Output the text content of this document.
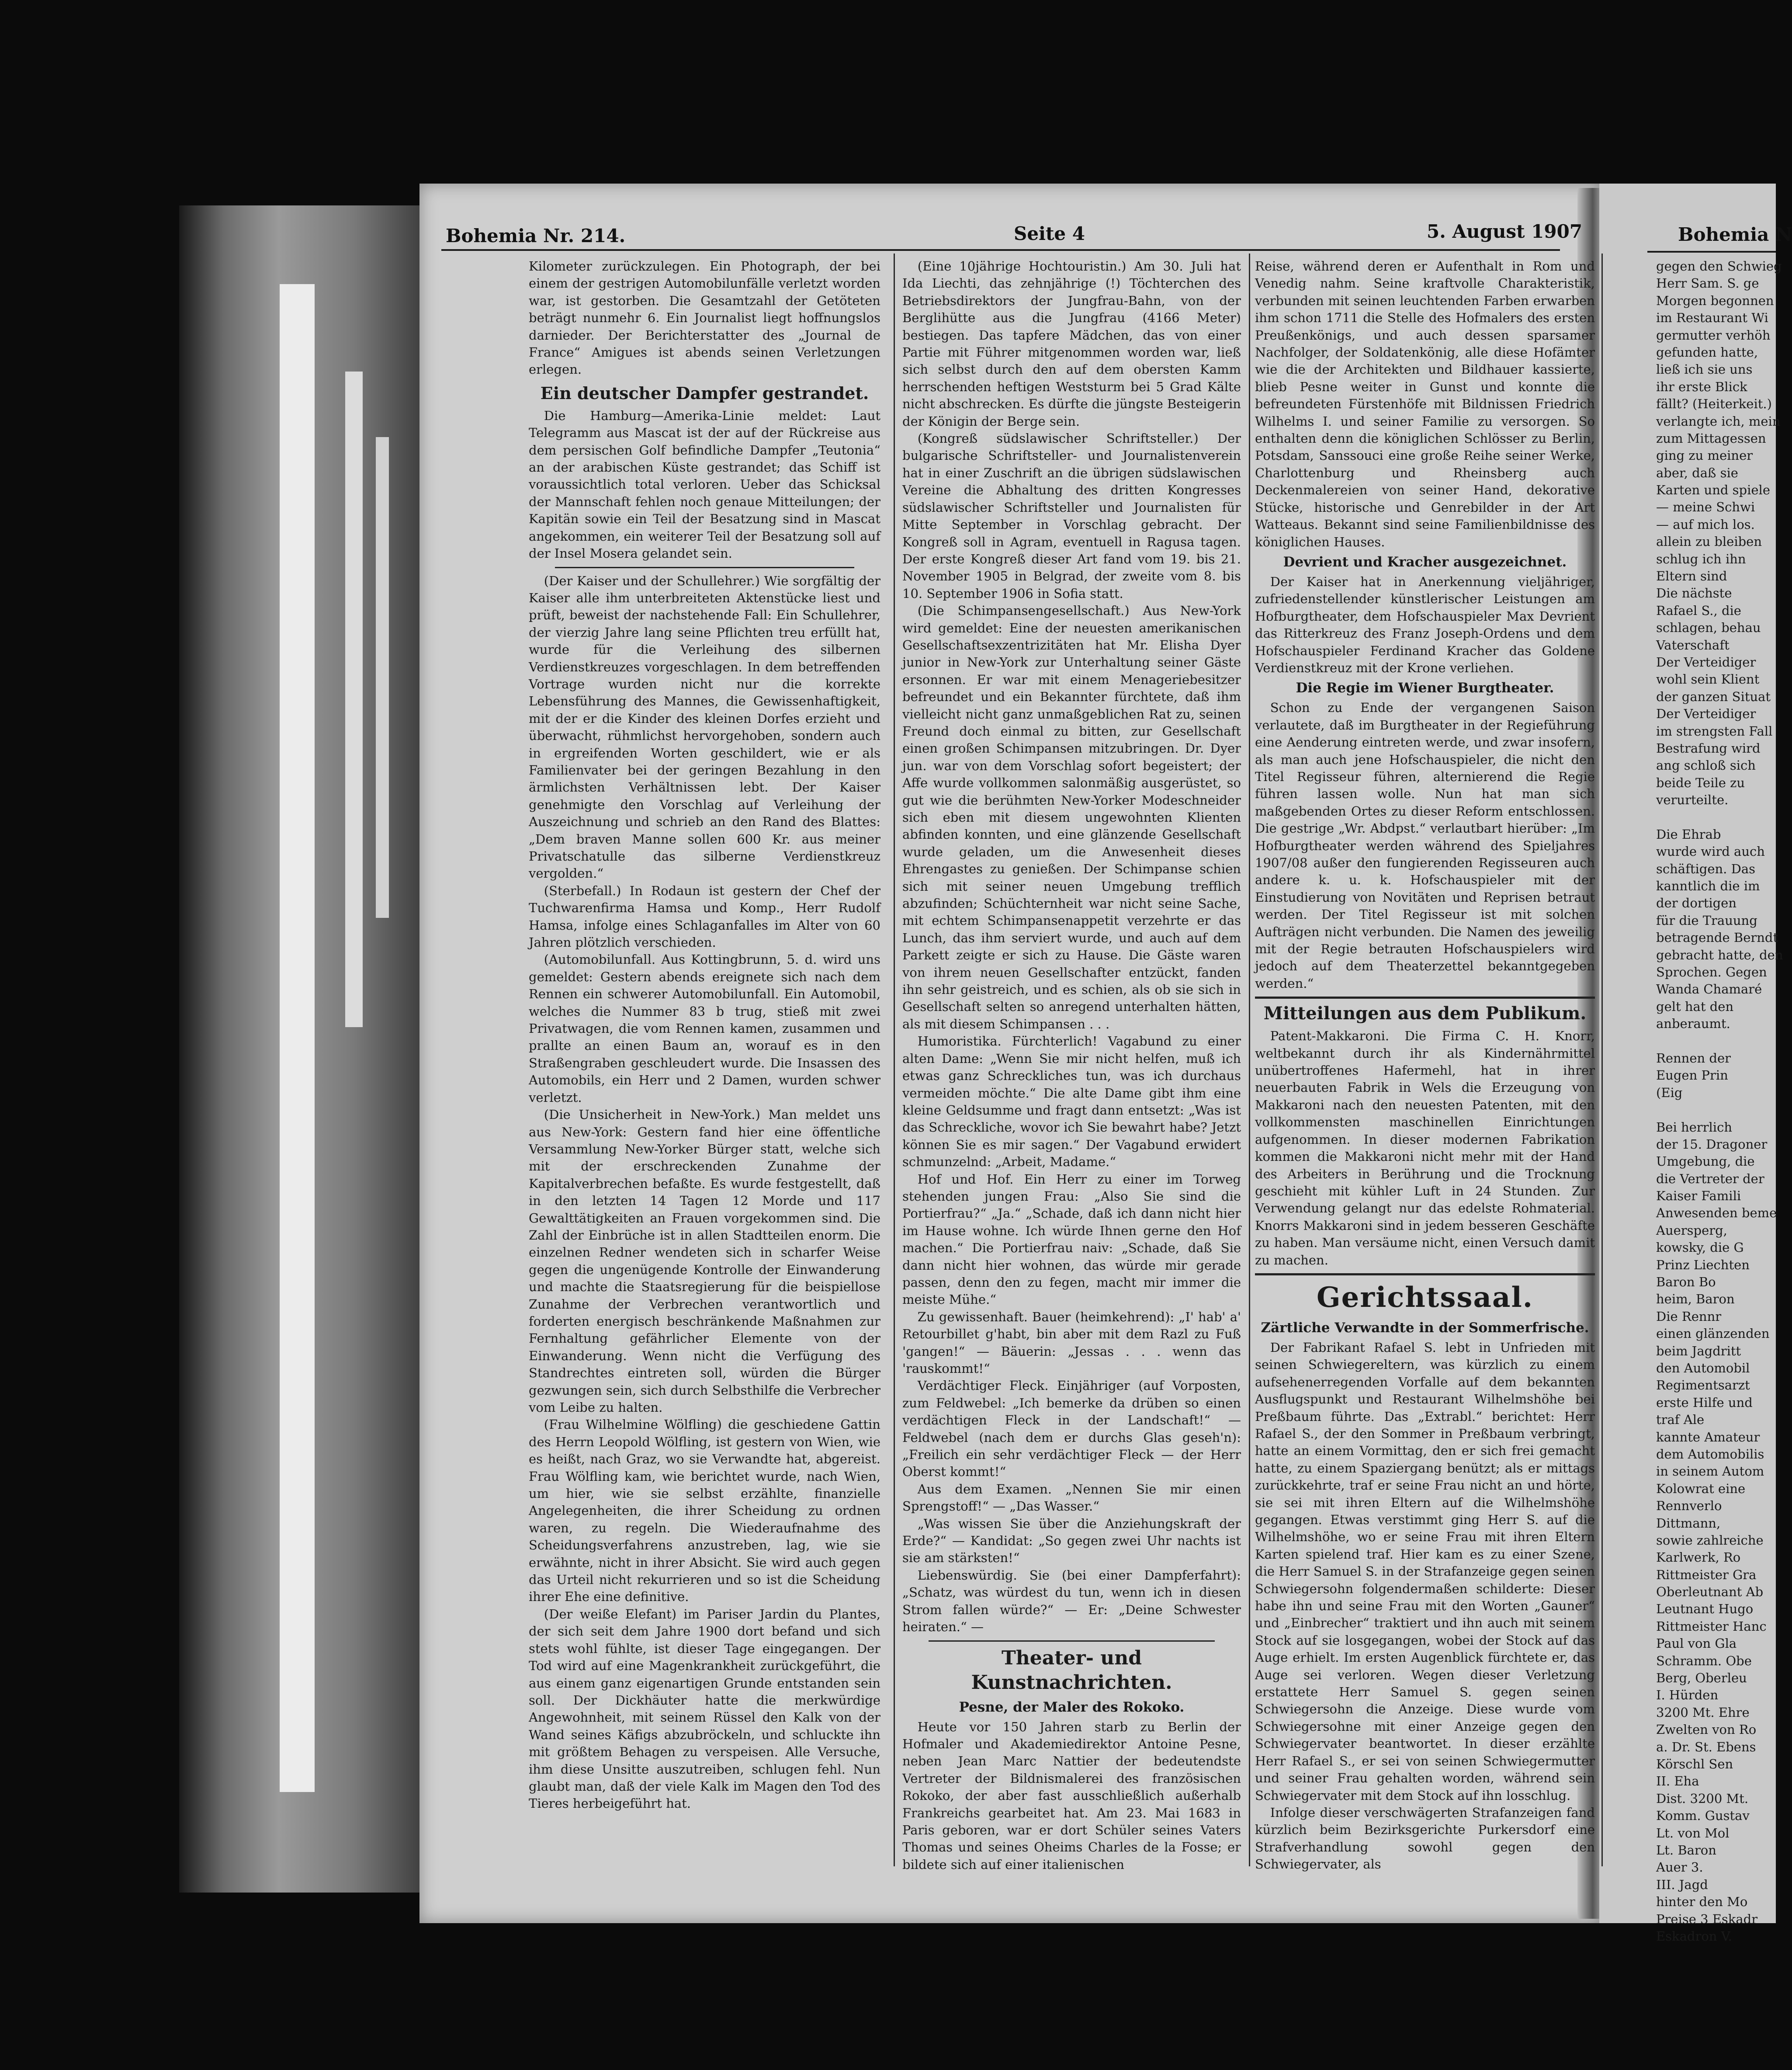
Bohemia Nr. 214.	Seite 4	5. August 1907	Bohemia N

Kilometer zurückzulegen. Ein Photograph, der bei einem der gestrigen Automobilunfälle verletzt worden war, ist gestorben. Die Gesamtzahl der Getöteten beträgt nunmehr 6. Ein Journalist liegt hoffnungslos darnieder. Der Berichterstatter des „Journal de France“ Amigues ist abends seinen Verletzungen erlegen.

Ein deutscher Dampfer gestrandet.

Die Hamburg—Amerika-Linie meldet: Laut Telegramm aus Mascat ist der auf der Rückreise aus dem persischen Golf befindliche Dampfer „Teutonia“ an der arabischen Küste gestrandet; das Schiff ist voraussichtlich total verloren. Ueber das Schicksal der Mannschaft fehlen noch genaue Mitteilungen; der Kapitän sowie ein Teil der Besatzung sind in Mascat angekommen, ein weiterer Teil der Besatzung soll auf der Insel Mosera gelandet sein.

(Der Kaiser und der Schullehrer.) Wie sorgfältig der Kaiser alle ihm unterbreiteten Aktenstücke liest und prüft, beweist der nachstehende Fall: Ein Schullehrer, der vierzig Jahre lang seine Pflichten treu erfüllt hat, wurde für die Verleihung des silbernen Verdienstkreuzes vorgeschlagen. In dem betreffenden Vortrage wurden nicht nur die korrekte Lebensführung des Mannes, die Gewissenhaftigkeit, mit der er die Kinder des kleinen Dorfes erzieht und überwacht, rühmlichst hervorgehoben, sondern auch in ergreifenden Worten geschildert, wie er als Familienvater bei der geringen Bezahlung in den ärmlichsten Verhältnissen lebt. Der Kaiser genehmigte den Vorschlag auf Verleihung der Auszeichnung und schrieb an den Rand des Blattes: „Dem braven Manne sollen 600 Kr. aus meiner Privatschatulle das silberne Verdienstkreuz vergolden.“

(Sterbefall.) In Rodaun ist gestern der Chef der Tuchwarenfirma Hamsa und Komp., Herr Rudolf Hamsa, infolge eines Schlaganfalles im Alter von 60 Jahren plötzlich verschieden.

(Automobilunfall. Aus Kottingbrunn, 5. d. wird uns gemeldet: Gestern abends ereignete sich nach dem Rennen ein schwerer Automobilunfall. Ein Automobil, welches die Nummer 83 b trug, stieß mit zwei Privatwagen, die vom Rennen kamen, zusammen und prallte an einen Baum an, worauf es in den Straßengraben geschleudert wurde. Die Insassen des Automobils, ein Herr und 2 Damen, wurden schwer verletzt.

(Die Unsicherheit in New-York.) Man meldet uns aus New-York: Gestern fand hier eine öffentliche Versammlung New-Yorker Bürger statt, welche sich mit der erschreckenden Zunahme der Kapitalverbrechen befaßte. Es wurde festgestellt, daß in den letzten 14 Tagen 12 Morde und 117 Gewalttätigkeiten an Frauen vorgekommen sind. Die Zahl der Einbrüche ist in allen Stadtteilen enorm. Die einzelnen Redner wendeten sich in scharfer Weise gegen die ungenügende Kontrolle der Einwanderung und machte die Staatsregierung für die beispiellose Zunahme der Verbrechen verantwortlich und forderten energisch beschränkende Maßnahmen zur Fernhaltung gefährlicher Elemente von der Einwanderung. Wenn nicht die Verfügung des Standrechtes eintreten soll, würden die Bürger gezwungen sein, sich durch Selbsthilfe die Verbrecher vom Leibe zu halten.

(Frau Wilhelmine Wölfling) die geschiedene Gattin des Herrn Leopold Wölfling, ist gestern von Wien, wie es heißt, nach Graz, wo sie Verwandte hat, abgereist. Frau Wölfling kam, wie berichtet wurde, nach Wien, um hier, wie sie selbst erzählte, finanzielle Angelegenheiten, die ihrer Scheidung zu ordnen waren, zu regeln. Die Wiederaufnahme des Scheidungsverfahrens anzustreben, lag, wie sie erwähnte, nicht in ihrer Absicht. Sie wird auch gegen das Urteil nicht rekurrieren und so ist die Scheidung ihrer Ehe eine definitive.

(Der weiße Elefant) im Pariser Jardin du Plantes, der sich seit dem Jahre 1900 dort befand und sich stets wohl fühlte, ist dieser Tage eingegangen. Der Tod wird auf eine Magenkrankheit zurückgeführt, die aus einem ganz eigenartigen Grunde entstanden sein soll. Der Dickhäuter hatte die merkwürdige Angewohnheit, mit seinem Rüssel den Kalk von der Wand seines Käfigs abzubröckeln, und schluckte ihn mit größtem Behagen zu verspeisen. Alle Versuche, ihm diese Unsitte auszutreiben, schlugen fehl. Nun glaubt man, daß der viele Kalk im Magen den Tod des Tieres herbeigeführt hat.

(Eine 10jährige Hochtouristin.) Am 30. Juli hat Ida Liechti, das zehnjährige (!) Töchterchen des Betriebsdirektors der Jungfrau-Bahn, von der Berglihütte aus die Jungfrau (4166 Meter) bestiegen. Das tapfere Mädchen, das von einer Partie mit Führer mitgenommen worden war, ließ sich selbst durch den auf dem obersten Kamm herrschenden heftigen Weststurm bei 5 Grad Kälte nicht abschrecken. Es dürfte die jüngste Besteigerin der Königin der Berge sein.

(Kongreß südslawischer Schriftsteller.) Der bulgarische Schriftsteller- und Journalistenverein hat in einer Zuschrift an die übrigen südslawischen Vereine die Abhaltung des dritten Kongresses südslawischer Schriftsteller und Journalisten für Mitte September in Vorschlag gebracht. Der Kongreß soll in Agram, eventuell in Ragusa tagen. Der erste Kongreß dieser Art fand vom 19. bis 21. November 1905 in Belgrad, der zweite vom 8. bis 10. September 1906 in Sofia statt.

(Die Schimpansengesellschaft.) Aus New-York wird gemeldet: Eine der neuesten amerikanischen Gesellschaftsexzentrizitäten hat Mr. Elisha Dyer junior in New-York zur Unterhaltung seiner Gäste ersonnen. Er war mit einem Menageriebesitzer befreundet und ein Bekannter fürchtete, daß ihm vielleicht nicht ganz unmaßgeblichen Rat zu, seinen Freund doch einmal zu bitten, zur Gesellschaft einen großen Schimpansen mitzubringen. Dr. Dyer jun. war von dem Vorschlag sofort begeistert; der Affe wurde vollkommen salonmäßig ausgerüstet, so gut wie die berühmten New-Yorker Modeschneider sich eben mit diesem ungewohnten Klienten abfinden konnten, und eine glänzende Gesellschaft wurde geladen, um die Anwesenheit dieses Ehrengastes zu genießen. Der Schimpanse schien sich mit seiner neuen Umgebung trefflich abzufinden; Schüchternheit war nicht seine Sache, mit echtem Schimpansenappetit verzehrte er das Lunch, das ihm serviert wurde, und auch auf dem Parkett zeigte er sich zu Hause. Die Gäste waren von ihrem neuen Gesellschafter entzückt, fanden ihn sehr geistreich, und es schien, als ob sie sich in Gesellschaft selten so anregend unterhalten hätten, als mit diesem Schimpansen . . .

Humoristika. Fürchterlich! Vagabund zu einer alten Dame: „Wenn Sie mir nicht helfen, muß ich etwas ganz Schreckliches tun, was ich durchaus vermeiden möchte.“ Die alte Dame gibt ihm eine kleine Geldsumme und fragt dann entsetzt: „Was ist das Schreckliche, wovor ich Sie bewahrt habe? Jetzt können Sie es mir sagen.“ Der Vagabund erwidert schmunzelnd: „Arbeit, Madame.“

Hof und Hof. Ein Herr zu einer im Torweg stehenden jungen Frau: „Also Sie sind die Portierfrau?“ „Ja.“ „Schade, daß ich dann nicht hier im Hause wohne. Ich würde Ihnen gerne den Hof machen.“ Die Portierfrau naiv: „Schade, daß Sie dann nicht hier wohnen, das würde mir gerade passen, denn den zu fegen, macht mir immer die meiste Mühe.“

Zu gewissenhaft. Bauer (heimkehrend): „I' hab' a' Retourbillet g'habt, bin aber mit dem Razl zu Fuß 'gangen!“ — Bäuerin: „Jessas . . . wenn das 'rauskommt!“

Verdächtiger Fleck. Einjähriger (auf Vorposten, zum Feldwebel: „Ich bemerke da drüben so einen verdächtigen Fleck in der Landschaft!“ — Feldwebel (nach dem er durchs Glas geseh'n): „Freilich ein sehr verdächtiger Fleck — der Herr Oberst kommt!“

Aus dem Examen. „Nennen Sie mir einen Sprengstoff!“ — „Das Wasser.“

„Was wissen Sie über die Anziehungskraft der Erde?“ — Kandidat: „So gegen zwei Uhr nachts ist sie am stärksten!“

Liebenswürdig. Sie (bei einer Dampferfahrt): „Schatz, was würdest du tun, wenn ich in diesen Strom fallen würde?“ — Er: „Deine Schwester heiraten.“ —

Theater- und Kunstnachrichten.
Pesne, der Maler des Rokoko.

Heute vor 150 Jahren starb zu Berlin der Hofmaler und Akademiedirektor Antoine Pesne, neben Jean Marc Nattier der bedeutendste Vertreter der Bildnismalerei des französischen Rokoko, der aber fast ausschließlich außerhalb Frankreichs gearbeitet hat. Am 23. Mai 1683 in Paris geboren, war er dort Schüler seines Vaters Thomas und seines Oheims Charles de la Fosse; er bildete sich auf einer italienischen

Reise, während deren er Aufenthalt in Rom und Venedig nahm. Seine kraftvolle Charakteristik, verbunden mit seinen leuchtenden Farben erwarben ihm schon 1711 die Stelle des Hofmalers des ersten Preußenkönigs, und auch dessen sparsamer Nachfolger, der Soldatenkönig, alle diese Hofämter wie die der Architekten und Bildhauer kassierte, blieb Pesne weiter in Gunst und konnte die befreundeten Fürstenhöfe mit Bildnissen Friedrich Wilhelms I. und seiner Familie zu versorgen. So enthalten denn die königlichen Schlösser zu Berlin, Potsdam, Sanssouci eine große Reihe seiner Werke, Charlottenburg und Rheinsberg auch Deckenmalereien von seiner Hand, dekorative Stücke, historische und Genrebilder in der Art Watteaus. Bekannt sind seine Familienbildnisse des königlichen Hauses.

Devrient und Kracher ausgezeichnet.

Der Kaiser hat in Anerkennung vieljähriger, zufriedenstellender künstlerischer Leistungen am Hofburgtheater, dem Hofschauspieler Max Devrient das Ritterkreuz des Franz Joseph-Ordens und dem Hofschauspieler Ferdinand Kracher das Goldene Verdienstkreuz mit der Krone verliehen.

Die Regie im Wiener Burgtheater.

Schon zu Ende der vergangenen Saison verlautete, daß im Burgtheater in der Regieführung eine Aenderung eintreten werde, und zwar insofern, als man auch jene Hofschauspieler, die nicht den Titel Regisseur führen, alternierend die Regie führen lassen wolle. Nun hat man sich maßgebenden Ortes zu dieser Reform entschlossen. Die gestrige „Wr. Abdpst.“ verlautbart hierüber: „Im Hofburgtheater werden während des Spieljahres 1907/08 außer den fungierenden Regisseuren auch andere k. u. k. Hofschauspieler mit der Einstudierung von Novitäten und Reprisen betraut werden. Der Titel Regisseur ist mit solchen Aufträgen nicht verbunden. Die Namen des jeweilig mit der Regie betrauten Hofschauspielers wird jedoch auf dem Theaterzettel bekanntgegeben werden.“

Mitteilungen aus dem Publikum.

Patent-Makkaroni. Die Firma C. H. Knorr, weltbekannt durch ihr als Kindernährmittel unübertroffenes Hafermehl, hat in ihrer neuerbauten Fabrik in Wels die Erzeugung von Makkaroni nach den neuesten Patenten, mit den vollkommensten maschinellen Einrichtungen aufgenommen. In dieser modernen Fabrikation kommen die Makkaroni nicht mehr mit der Hand des Arbeiters in Berührung und die Trocknung geschieht mit kühler Luft in 24 Stunden. Zur Verwendung gelangt nur das edelste Rohmaterial. Knorrs Makkaroni sind in jedem besseren Geschäfte zu haben. Man versäume nicht, einen Versuch damit zu machen.

Gerichtssaal.
Zärtliche Verwandte in der Sommerfrische.

Der Fabrikant Rafael S. lebt in Unfrieden mit seinen Schwiegereltern, was kürzlich zu einem aufsehenerregenden Vorfalle auf dem bekannten Ausflugspunkt und Restaurant Wilhelmshöhe bei Preßbaum führte. Das „Extrabl.“ berichtet: Herr Rafael S., der den Sommer in Preßbaum verbringt, hatte an einem Vormittag, den er sich frei gemacht hatte, zu einem Spaziergang benützt; als er mittags zurückkehrte, traf er seine Frau nicht an und hörte, sie sei mit ihren Eltern auf die Wilhelmshöhe gegangen. Etwas verstimmt ging Herr S. auf die Wilhelmshöhe, wo er seine Frau mit ihren Eltern Karten spielend traf. Hier kam es zu einer Szene, die Herr Samuel S. in der Strafanzeige gegen seinen Schwiegersohn folgendermaßen schilderte: Dieser habe ihn und seine Frau mit den Worten „Gauner“ und „Einbrecher“ traktiert und ihn auch mit seinem Stock auf sie losgegangen, wobei der Stock auf das Auge erhielt. Im ersten Augenblick fürchtete er, das Auge sei verloren. Wegen dieser Verletzung erstattete Herr Samuel S. gegen seinen Schwiegersohn die Anzeige. Diese wurde vom Schwiegersohne mit einer Anzeige gegen den Schwiegervater beantwortet. In dieser erzählte Herr Rafael S., er sei von seinen Schwiegermutter und seiner Frau gehalten worden, während sein Schwiegervater mit dem Stock auf ihn losschlug.

Infolge dieser verschwägerten Strafanzeigen fand kürzlich beim Bezirksgerichte Purkersdorf eine Strafverhandlung sowohl gegen den Schwiegervater, als

gegen den Schwieg
Herr Sam. S. ge
Morgen begonnen
im Restaurant Wi
germutter verhöh
gefunden hatte,
ließ ich sie uns
ihr erste Blick
fällt? (Heiterkeit.)
verlangte ich, mein
zum Mittagessen
ging zu meiner
aber, daß sie
Karten und spiele
— meine Schwi
— auf mich los.
allein zu bleiben
schlug ich ihn
Eltern sind
Die nächste
Rafael S., die
schlagen, behau
Vaterschaft
Der Verteidiger
wohl sein Klient
der ganzen Situat
Der Verteidiger
im strengsten Fall
Bestrafung wird
ang schloß sich
beide Teile zu
verurteilte.
Die Ehrab
wurde wird auch
schäftigen. Das
kanntlich die im
der dortigen
für die Trauung
betragende Berndt
gebracht hatte, den
Sprochen. Gegen
Wanda Chamaré
gelt hat den
anberaumt.
Rennen der
Eugen Prin
(Eig
Bei herrlich
der 15. Dragoner
Umgebung, die
die Vertreter der
Kaiser Famili
Anwesenden beme
Auersperg,
kowsky, die G
Prinz Liechten
Baron Bo
heim, Baron
Die Rennr
einen glänzenden
beim Jagdritt
den Automobil
Regimentsarzt
erste Hilfe und
traf Ale
kannte Amateur
dem Automobilis
in seinem Autom
Kolowrat eine
Rennverlo
Dittmann,
sowie zahlreiche
Karlwerk, Ro
Rittmeister Gra
Oberleutnant Ab
Leutnant Hugo
Rittmeister Hanc
Paul von Gla
Schramm. Obe
Berg, Oberleu
I. Hürden
3200 Mt. Ehre
Zwelten von Ro
a. Dr. St. Ebens
Körschl Sen
II. Eha
Dist. 3200 Mt.
Komm. Gustav
Lt. von Mol
Lt. Baron
Auer 3.
III. Jagd
hinter den Mo
Preise 3 Eskadr
Eskadron V.
